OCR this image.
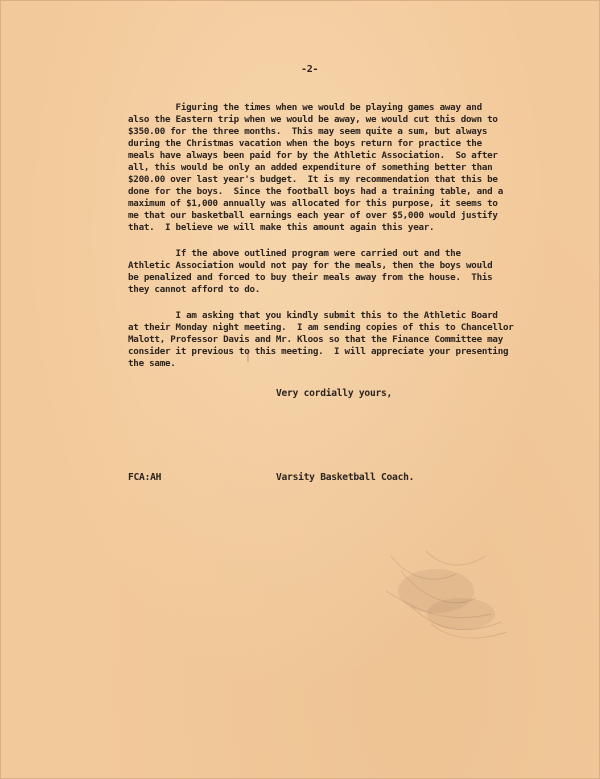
-2-
Figuring the times when we would be playing games away and
also the Eastern trip when we would be away, we would cut this down to
$350.00 for the three months.  This may seem quite a sum, but always
during the Christmas vacation when the boys return for practice the
meals have always been paid for by the Athletic Association.  So after
all, this would be only an added expenditure of something better than
$200.00 over last year's budget.  It is my recommendation that this be
done for the boys.  Since the football boys had a training table, and a
maximum of $1,000 annually was allocated for this purpose, it seems to
me that our basketball earnings each year of over $5,000 would justify
that.  I believe we will make this amount again this year.
If the above outlined program were carried out and the
Athletic Association would not pay for the meals, then the boys would
be penalized and forced to buy their meals away from the house.  This
they cannot afford to do.
I am asking that you kindly submit this to the Athletic Board
at their Monday night meeting.  I am sending copies of this to Chancellor
Malott, Professor Davis and Mr. Kloos so that the Finance Committee may
consider it previous to this meeting.  I will appreciate your presenting
the same.
Very cordially yours,
FCA:AH	Varsity Basketball Coach.
